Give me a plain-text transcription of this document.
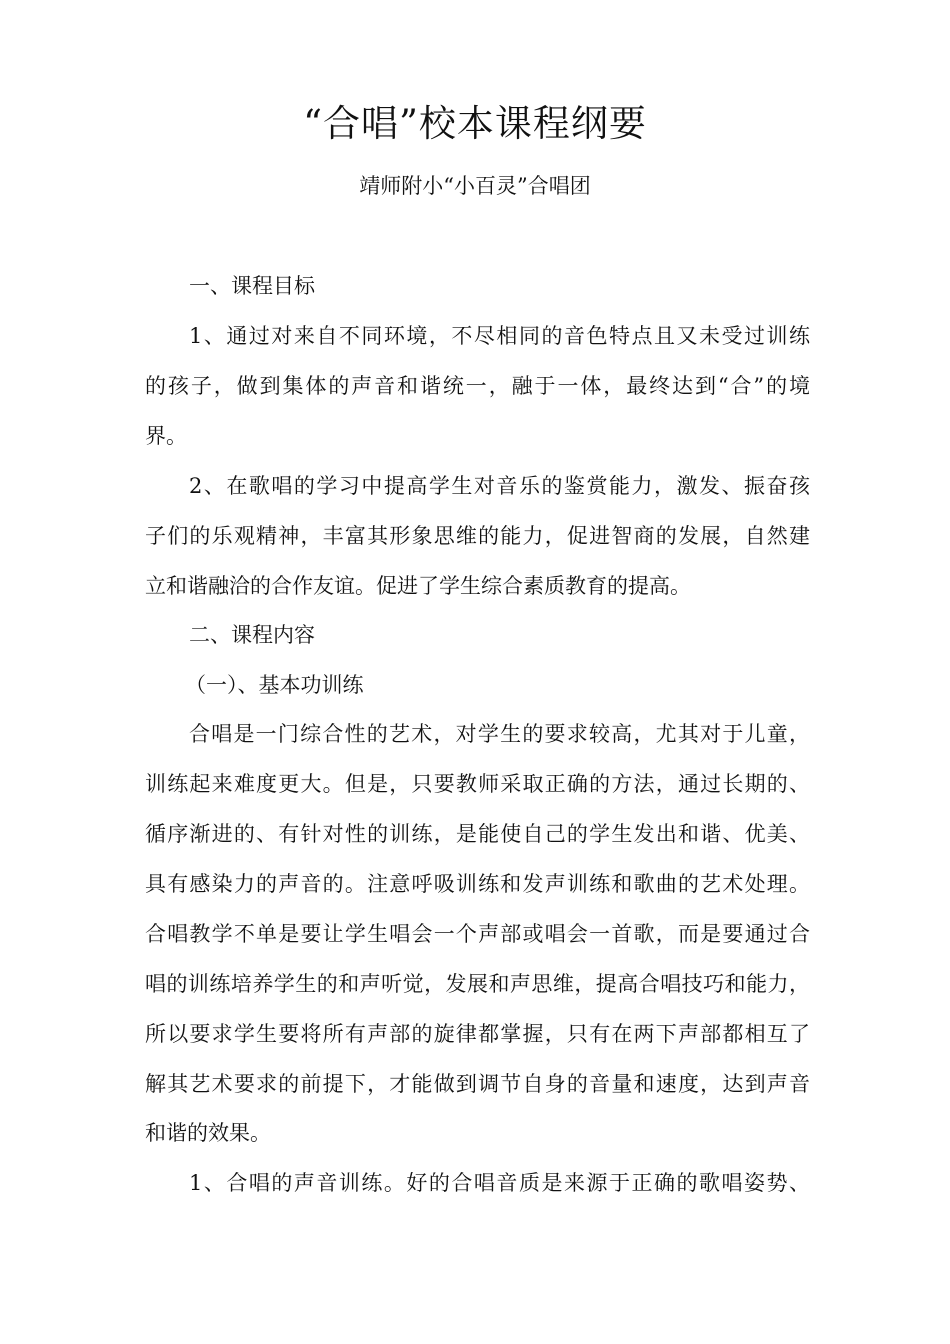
“合唱”校本课程纲要

靖师附小“小百灵”合唱团

一、课程目标

1、通过对来自不同环境，不尽相同的音色特点且又未受过训练

的孩子，做到集体的声音和谐统一，融于一体，最终达到“合”的境

界。

2、在歌唱的学习中提高学生对音乐的鉴赏能力，激发、振奋孩

子们的乐观精神，丰富其形象思维的能力，促进智商的发展，自然建

立和谐融洽的合作友谊。促进了学生综合素质教育的提高。

二、课程内容

（一）、基本功训练

合唱是一门综合性的艺术，对学生的要求较高，尤其对于儿童，

训练起来难度更大。但是，只要教师采取正确的方法，通过长期的、

循序渐进的、有针对性的训练，是能使自己的学生发出和谐、优美、

具有感染力的声音的。注意呼吸训练和发声训练和歌曲的艺术处理。

合唱教学不单是要让学生唱会一个声部或唱会一首歌，而是要通过合

唱的训练培养学生的和声听觉，发展和声思维，提高合唱技巧和能力，

所以要求学生要将所有声部的旋律都掌握，只有在两下声部都相互了

解其艺术要求的前提下，才能做到调节自身的音量和速度，达到声音

和谐的效果。

1、合唱的声音训练。好的合唱音质是来源于正确的歌唱姿势、
